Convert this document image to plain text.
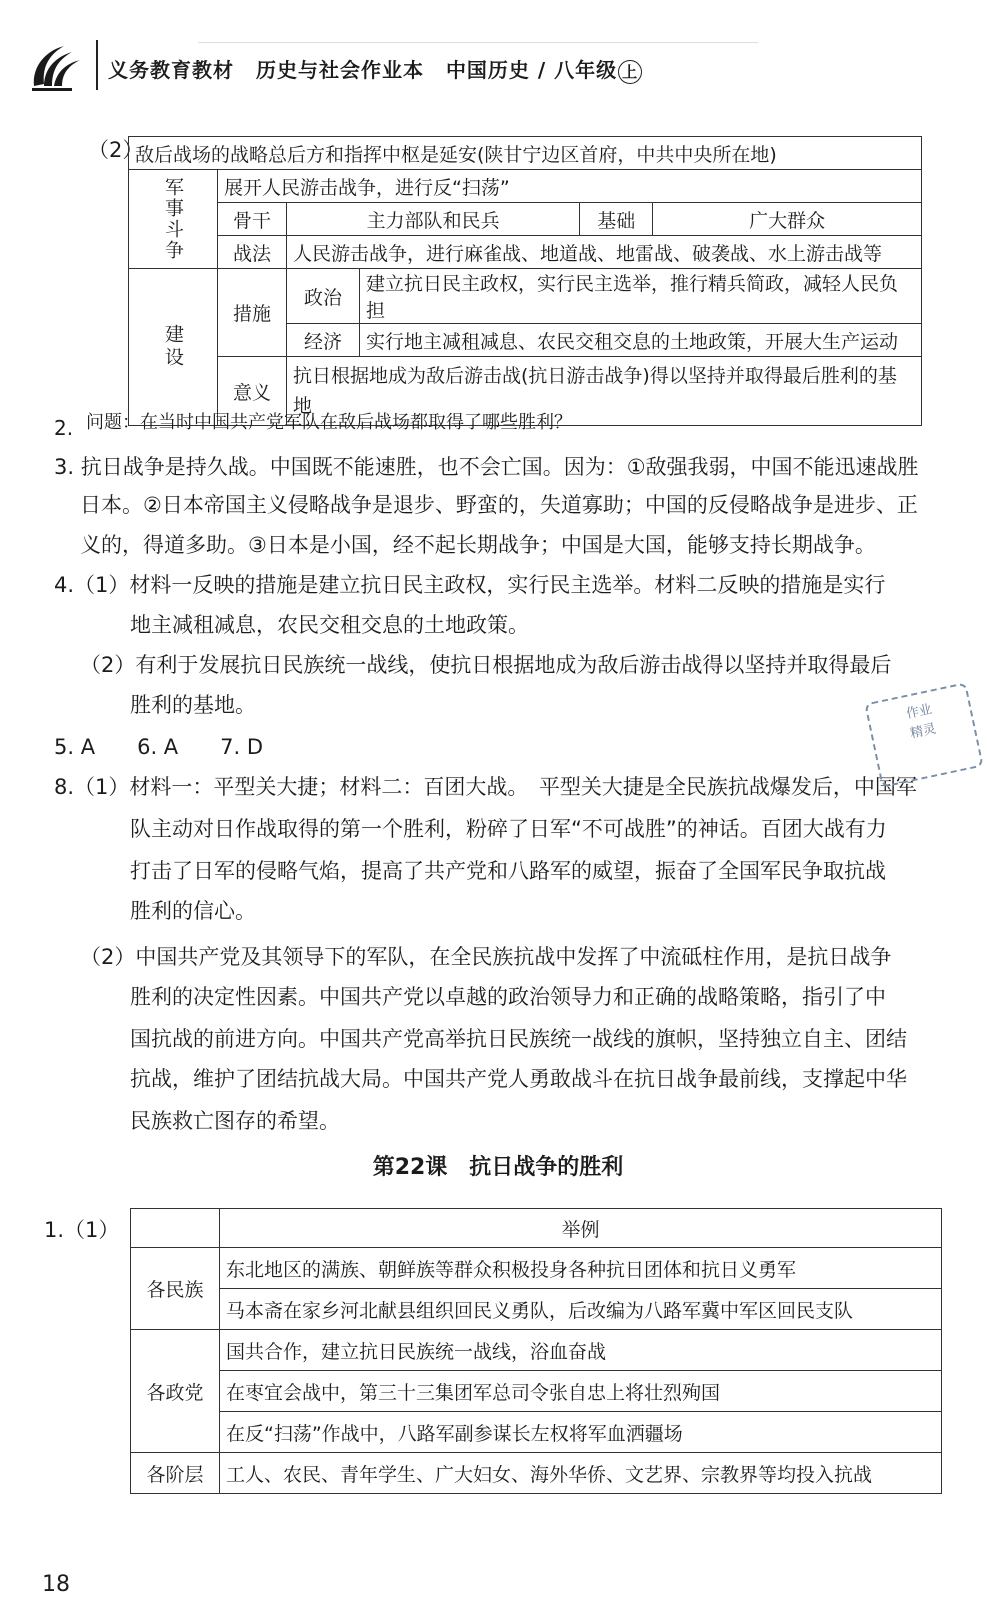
义务教育教材 历史与社会作业本 中国历史 / 八年级 上
（2）
敌后战场的战略总后方和指挥中枢是延安(陕甘宁边区首府，中共中央所在地)					
军事斗争	展开人民游击战争，进行反“扫荡”				
	骨干	主力部队和民兵		基础	广大群众
	战法	人民游击战争，进行麻雀战、地道战、地雷战、破袭战、水上游击战等			
建设	措施	政治	建立抗日民主政权，实行民主选举，推行精兵简政，减轻人民负担		
		经济	实行地主减租减息、农民交租交息的土地政策，开展大生产运动		
	意义	抗日根据地成为敌后游击战(抗日游击战争)得以坚持并取得最后胜利的基地			
2. 问题：在当时中国共产党军队在敌后战场都取得了哪些胜利？
3. 抗日战争是持久战。中国既不能速胜，也不会亡国。因为：①敌强我弱，中国不能迅速战胜
日本。②日本帝国主义侵略战争是退步、野蛮的，失道寡助；中国的反侵略战争是进步、正
义的，得道多助。③日本是小国，经不起长期战争；中国是大国，能够支持长期战争。
4.（1）材料一反映的措施是建立抗日民主政权，实行民主选举。材料二反映的措施是实行
地主减租减息，农民交租交息的土地政策。
（2）有利于发展抗日民族统一战线，使抗日根据地成为敌后游击战得以坚持并取得最后
胜利的基地。
5. A　　6. A　　7. D
8.（1）材料一：平型关大捷；材料二：百团大战。　平型关大捷是全民族抗战爆发后，中国军
队主动对日作战取得的第一个胜利，粉碎了日军“不可战胜”的神话。百团大战有力
打击了日军的侵略气焰，提高了共产党和八路军的威望，振奋了全国军民争取抗战
胜利的信心。
（2）中国共产党及其领导下的军队，在全民族抗战中发挥了中流砥柱作用，是抗日战争
胜利的决定性因素。中国共产党以卓越的政治领导力和正确的战略策略，指引了中
国抗战的前进方向。中国共产党高举抗日民族统一战线的旗帜，坚持独立自主、团结
抗战，维护了团结抗战大局。中国共产党人勇敢战斗在抗日战争最前线，支撑起中华
民族救亡图存的希望。
作业
精灵
第22课　抗日战争的胜利
1.（1）
		举例
各民族	东北地区的满族、朝鲜族等群众积极投身各种抗日团体和抗日义勇军
	马本斋在家乡河北献县组织回民义勇队，后改编为八路军冀中军区回民支队
各政党	国共合作，建立抗日民族统一战线，浴血奋战
	在枣宜会战中，第三十三集团军总司令张自忠上将壮烈殉国
	在反“扫荡”作战中，八路军副参谋长左权将军血洒疆场
各阶层	工人、农民、青年学生、广大妇女、海外华侨、文艺界、宗教界等均投入抗战
18
